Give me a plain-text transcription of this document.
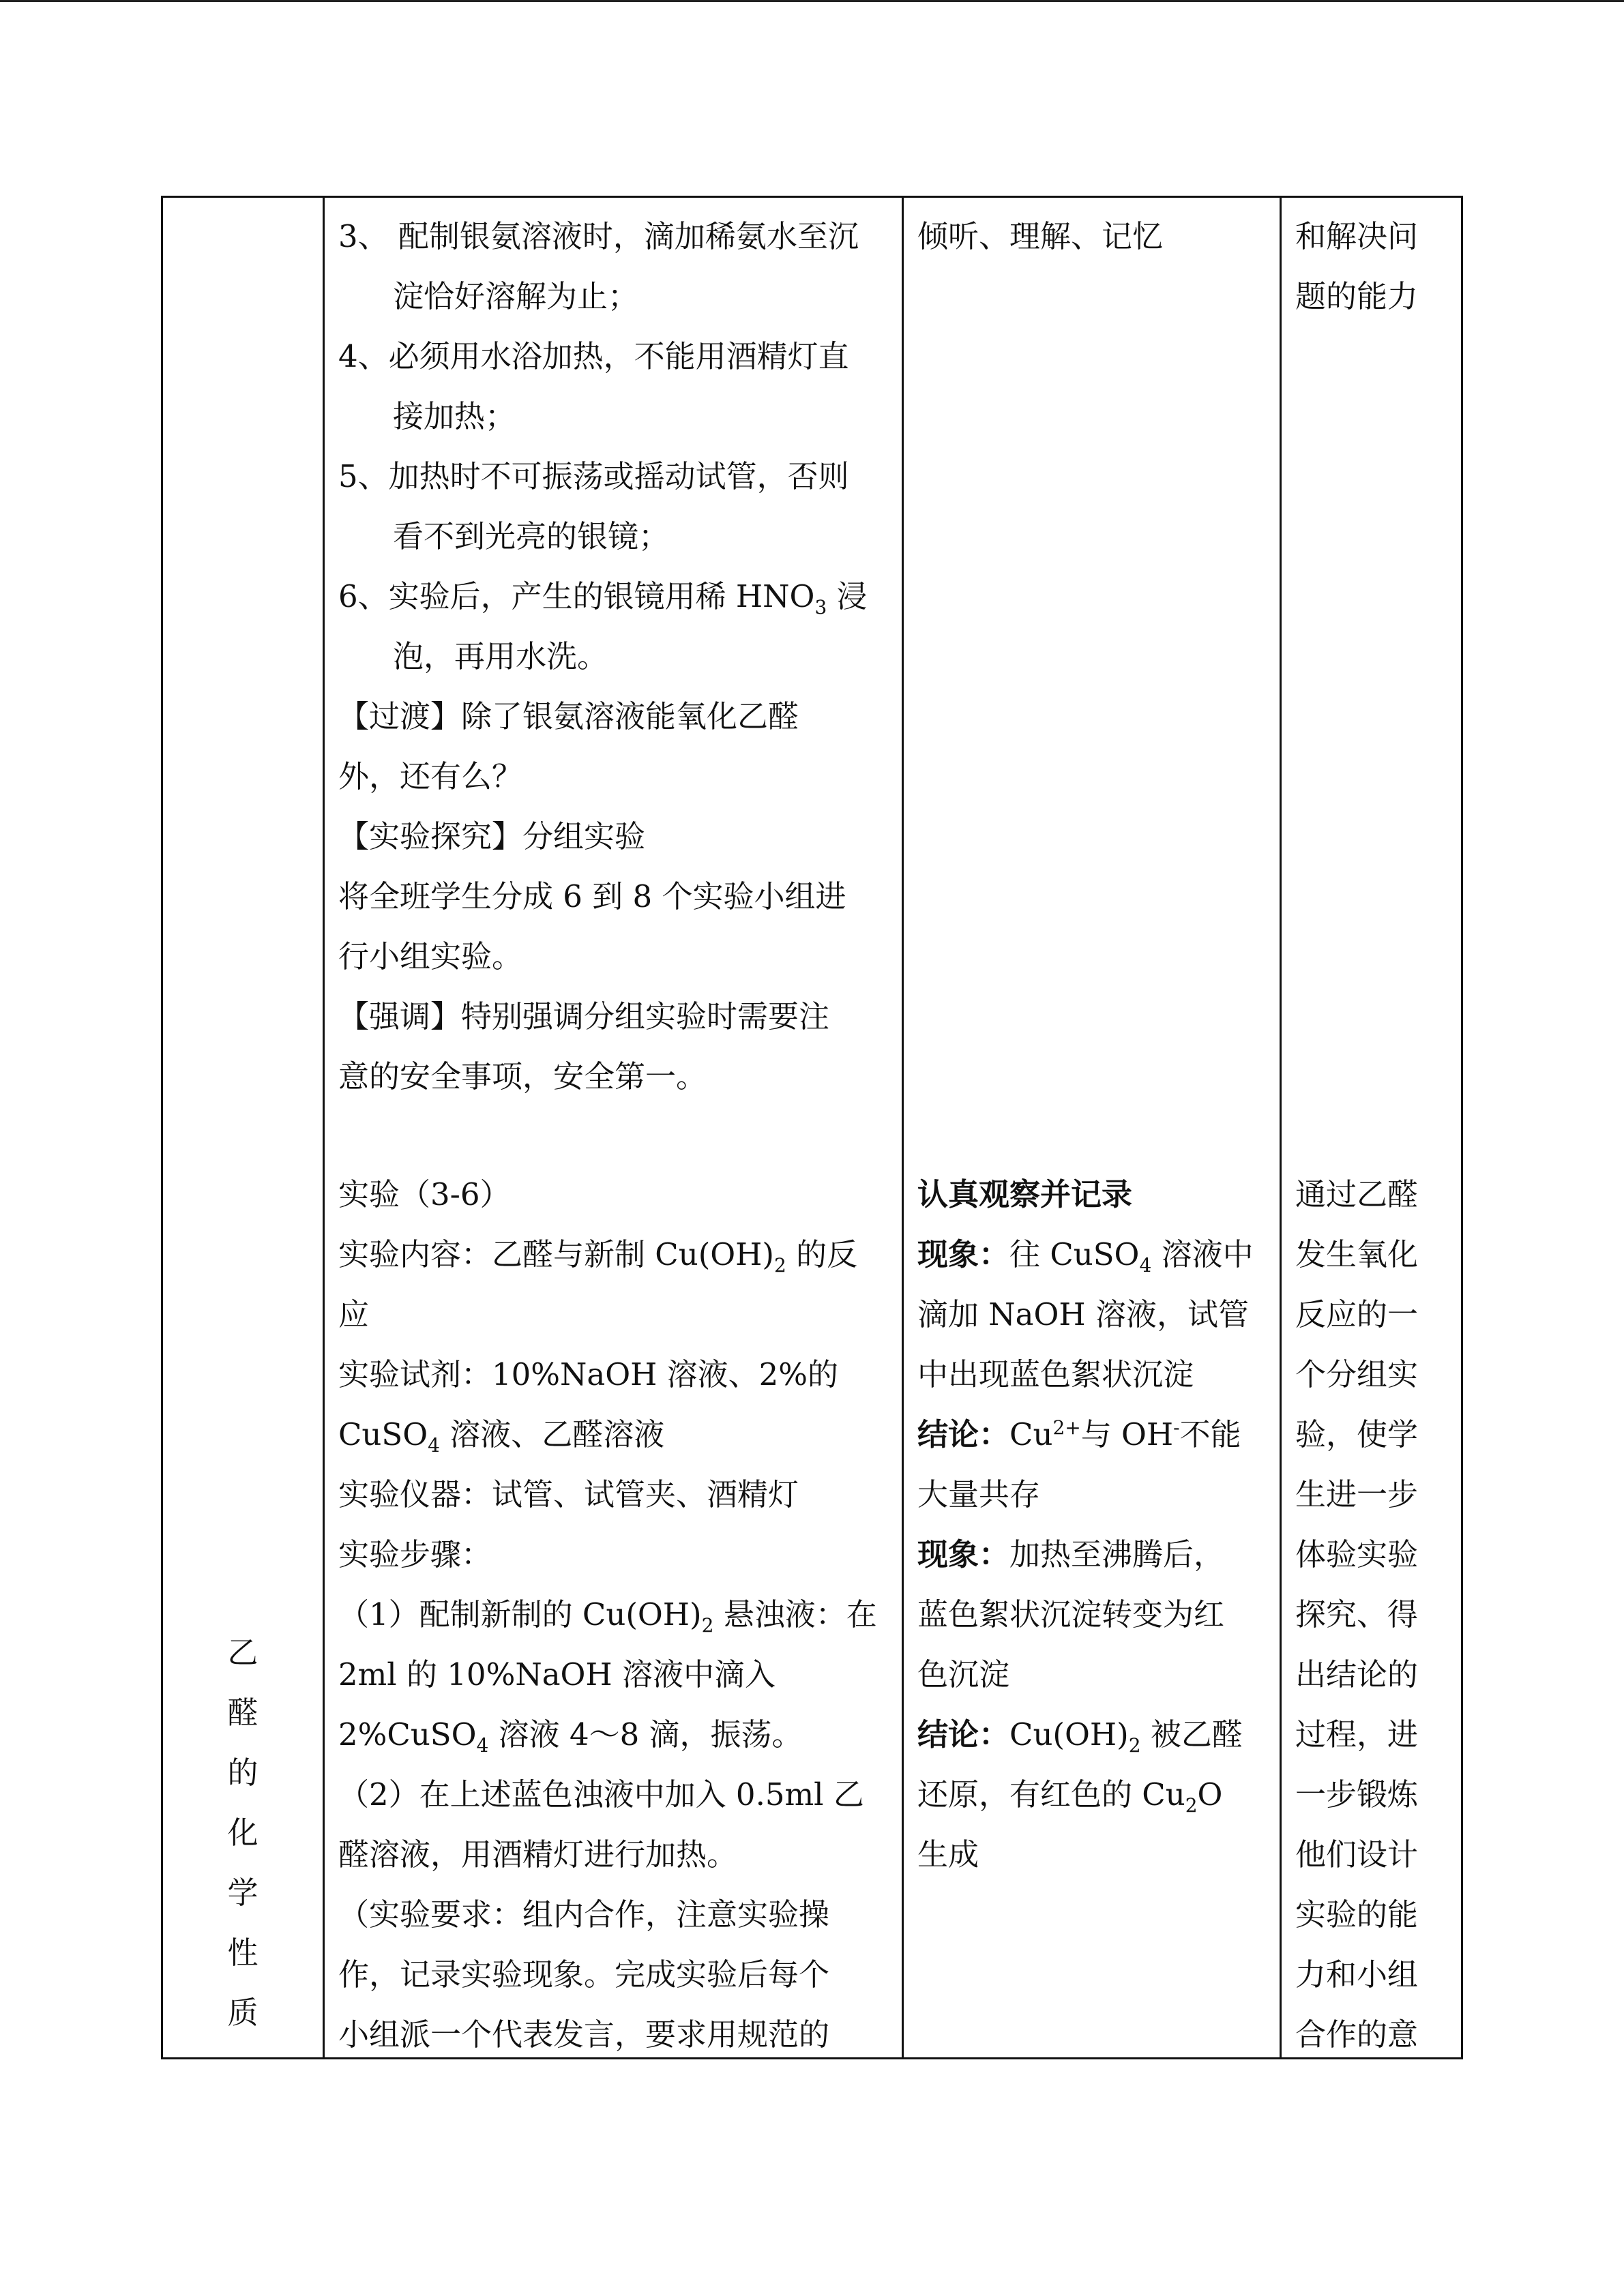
乙
醛
的
化
学
性
质
3、 配制银氨溶液时，滴加稀氨水至沉
淀恰好溶解为止；
4、必须用水浴加热，不能用酒精灯直
接加热；
5、加热时不可振荡或摇动试管，否则
看不到光亮的银镜；
6、实验后，产生的银镜用稀 $HNO_3$ 浸
泡，再用水洗。
【过渡】除了银氨溶液能氧化乙醛
外，还有么？
【实验探究】分组实验
将全班学生分成 6 到 8 个实验小组进
行小组实验。
【强调】特别强调分组实验时需要注
意的安全事项，安全第一。
实验（3-6）
实验内容：乙醛与新制 $Cu(OH)_2$ 的反
应
实验试剂：10%NaOH 溶液、2%的
CuSO$_4$ 溶液、乙醛溶液
实验仪器：试管、试管夹、酒精灯
实验步骤：
（1）配制新制的 $Cu(OH)_2$ 悬浊液：在
2ml 的 10%NaOH 溶液中滴入
2%CuSO$_4$ 溶液 4～8 滴，振荡。
（2）在上述蓝色浊液中加入 0.5ml 乙
醛溶液，用酒精灯进行加热。
（实验要求：组内合作，注意实验操
作，记录实验现象。完成实验后每个
小组派一个代表发言，要求用规范的
倾听、理解、记忆
认真观察并记录
现象：往 CuSO$_4$ 溶液中
滴加 NaOH 溶液，试管
中出现蓝色絮状沉淀
结论：$Cu^{2+}$与 OH-不能
大量共存
现象：加热至沸腾后，
蓝色絮状沉淀转变为红
色沉淀
结论：$Cu(OH)_2$ 被乙醛
还原，有红色的 $Cu_2O$
生成
和解决问
题的能力
通过乙醛
发生氧化
反应的一
个分组实
验，使学
生进一步
体验实验
探究、得
出结论的
过程，进
一步锻炼
他们设计
实验的能
力和小组
合作的意
